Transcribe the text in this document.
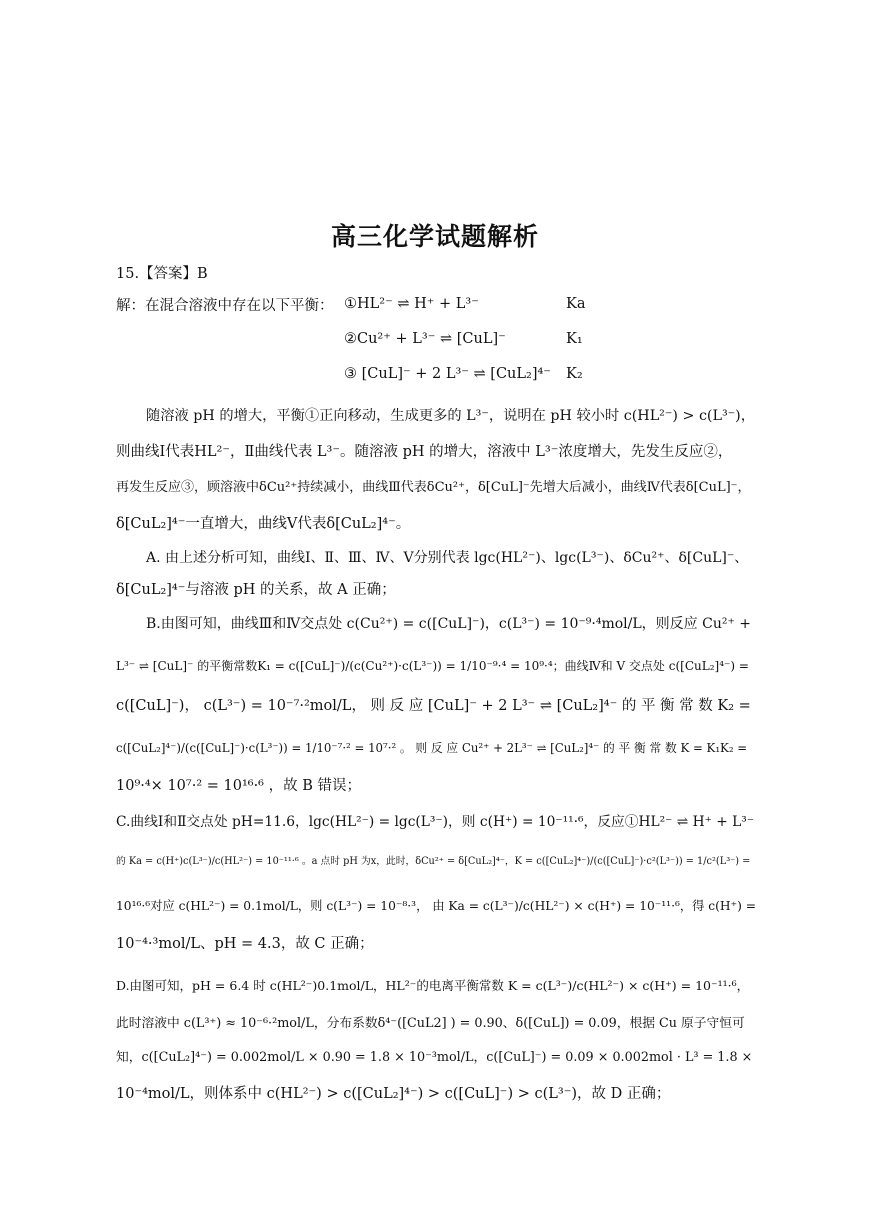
高三化学试题解析
15.【答案】B
解：在混合溶液中存在以下平衡： ①HL²⁻ ⇌ H⁺ + L³⁻	Ka
②Cu²⁺ + L³⁻ ⇌ [CuL]⁻	K₁
③ [CuL]⁻ + 2 L³⁻ ⇌ [CuL₂]⁴⁻ K₂
随溶液 pH 的增大，平衡①正向移动，生成更多的 L³⁻，说明在 pH 较小时 c(HL²⁻) > c(L³⁻)，
则曲线Ⅰ代表HL²⁻，Ⅱ曲线代表 L³⁻。随溶液 pH 的增大，溶液中 L³⁻浓度增大，先发生反应②，
再发生反应③，顾溶液中δCu²⁺持续减小，曲线Ⅲ代表δCu²⁺，δ[CuL]⁻先增大后减小，曲线Ⅳ代表δ[CuL]⁻，
δ[CuL₂]⁴⁻一直增大，曲线Ⅴ代表δ[CuL₂]⁴⁻。
A. 由上述分析可知，曲线Ⅰ、Ⅱ、Ⅲ、Ⅳ、Ⅴ分别代表 lgc(HL²⁻)、lgc(L³⁻)、δCu²⁺、δ[CuL]⁻、
δ[CuL₂]⁴⁻与溶液 pH 的关系，故 A 正确；
B.由图可知，曲线Ⅲ和Ⅳ交点处 c(Cu²⁺) = c([CuL]⁻)，c(L³⁻) = 10⁻⁹·⁴mol/L，则反应 Cu²⁺ +
L³⁻ ⇌ [CuL]⁻ 的平衡常数K₁ = c([CuL]⁻)/(c(Cu²⁺)·c(L³⁻)) = 1/10⁻⁹·⁴ = 10⁹·⁴；曲线Ⅳ和 Ⅴ 交点处 c([CuL₂]⁴⁻) =
c([CuL]⁻)， c(L³⁻) = 10⁻⁷·²mol/L， 则 反 应 [CuL]⁻ + 2 L³⁻ ⇌ [CuL₂]⁴⁻ 的 平 衡 常 数 K₂ =
c([CuL₂]⁴⁻)/(c([CuL]⁻)·c(L³⁻)) = 1/10⁻⁷·² = 10⁷·² 。 则 反 应 Cu²⁺ + 2L³⁻ ⇌ [CuL₂]⁴⁻ 的 平 衡 常 数 K = K₁K₂ =
10⁹·⁴× 10⁷·² = 10¹⁶·⁶ ，故 B 错误；
C.曲线Ⅰ和Ⅱ交点处 pH=11.6，lgc(HL²⁻) = lgc(L³⁻)，则 c(H⁺) = 10⁻¹¹·⁶，反应①HL²⁻ ⇌ H⁺ + L³⁻
的 Ka = c(H⁺)c(L³⁻)/c(HL²⁻) = 10⁻¹¹·⁶ 。a 点时 pH 为x，此时，δCu²⁺ = δ[CuL₂]⁴⁻，K = c([CuL₂]⁴⁻)/(c([CuL]⁻)·c²(L³⁻)) = 1/c²(L³⁻) =
10¹⁶·⁶对应 c(HL²⁻) = 0.1mol/L，则 c(L³⁻) = 10⁻⁸·³， 由 Ka = c(L³⁻)/c(HL²⁻) × c(H⁺) = 10⁻¹¹·⁶，得 c(H⁺) =
10⁻⁴·³mol/L、pH = 4.3，故 C 正确；
D.由图可知，pH = 6.4 时 c(HL²⁻)0.1mol/L，HL²⁻的电离平衡常数 K = c(L³⁻)/c(HL²⁻) × c(H⁺) = 10⁻¹¹·⁶，
此时溶液中 c(L³⁺) ≈ 10⁻⁶·²mol/L，分布系数δ⁴⁻([CuL2] ) = 0.90、δ([CuL]) = 0.09，根据 Cu 原子守恒可
知，c([CuL₂]⁴⁻) = 0.002mol/L × 0.90 = 1.8 × 10⁻³mol/L，c([CuL]⁻) = 0.09 × 0.002mol · L³ = 1.8 ×
10⁻⁴mol/L，则体系中 c(HL²⁻) > c([CuL₂]⁴⁻) > c([CuL]⁻) > c(L³⁻)，故 D 正确；
